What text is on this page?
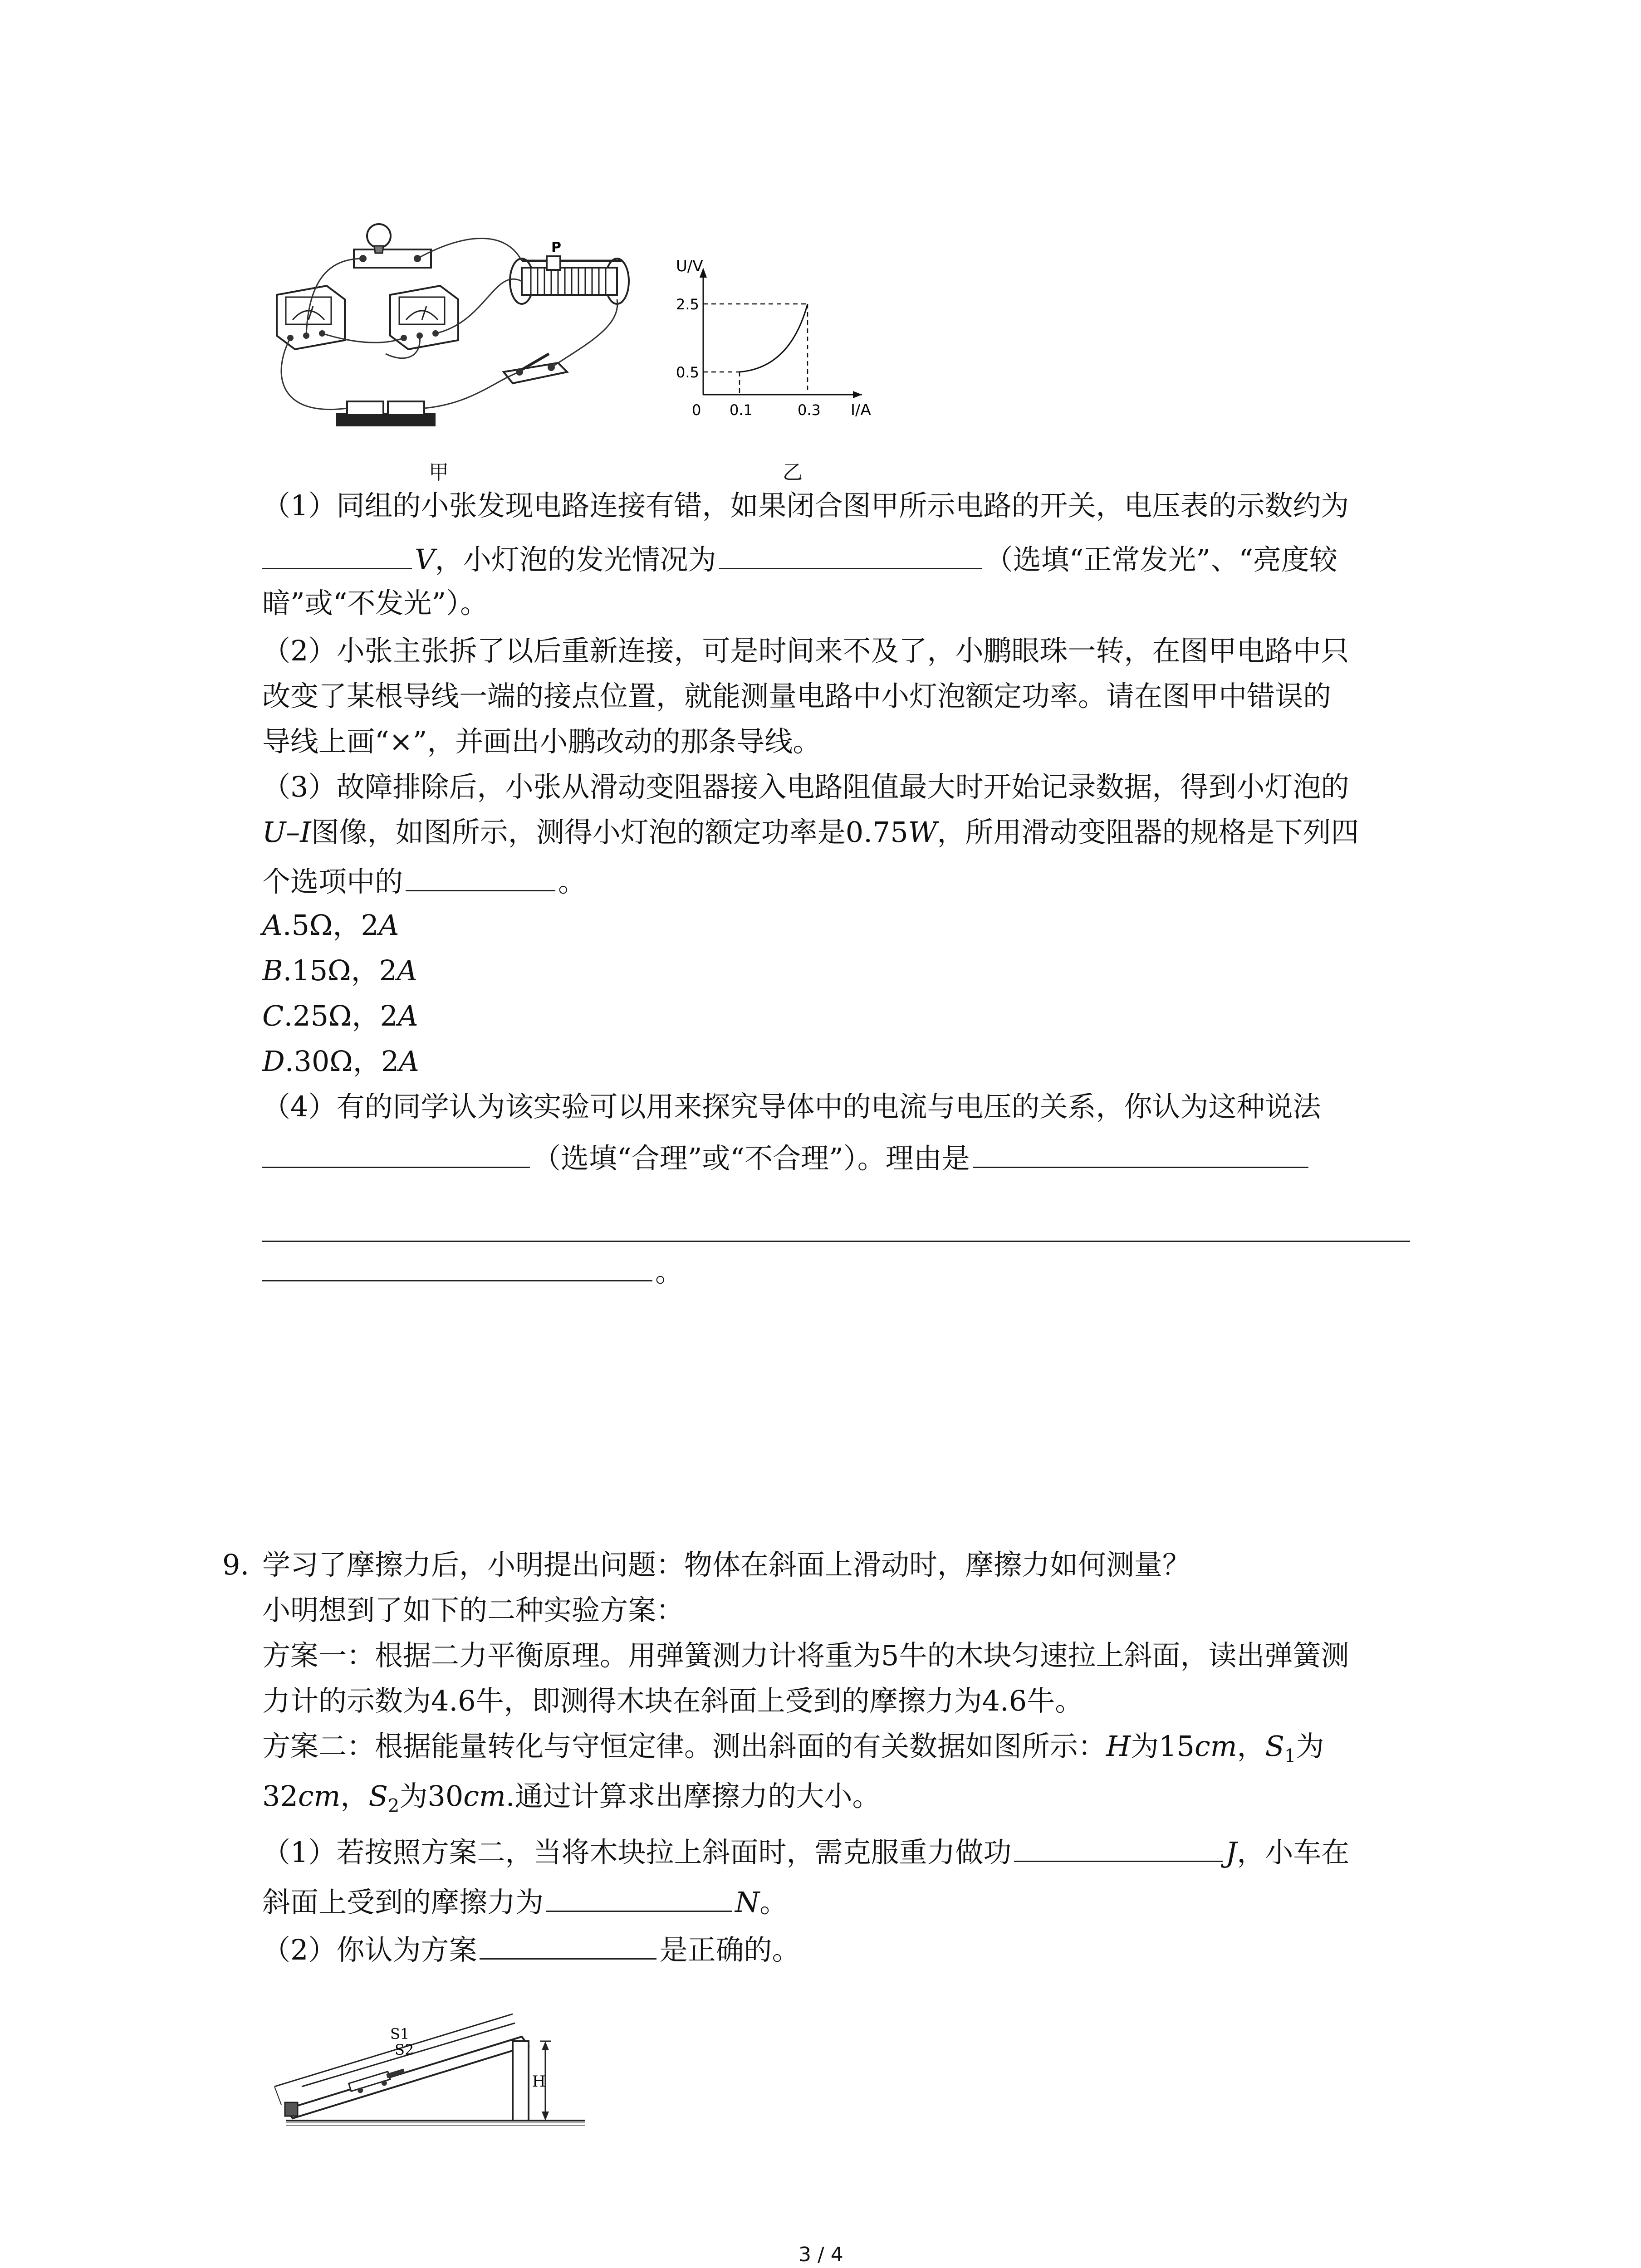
P
U/V
I/A
2.5
0.5
0 0.1	0.3
甲	乙
（1）同组的小张发现电路连接有错，如果闭合图甲所示电路的开关，电压表的示数约为
V，小灯泡的发光情况为	（选填“正常发光”、“亮度较
暗”或“不发光”）。
（2）小张主张拆了以后重新连接，可是时间来不及了，小鹏眼珠一转，在图甲电路中只
改变了某根导线一端的接点位置，就能测量电路中小灯泡额定功率。请在图甲中错误的
导线上画“×”，并画出小鹏改动的那条导线。
（3）故障排除后，小张从滑动变阻器接入电路阻值最大时开始记录数据，得到小灯泡的
U–I图像，如图所示，测得小灯泡的额定功率是0.75W，所用滑动变阻器的规格是下列四
个选项中的	。
A.5Ω，2A
B.15Ω，2A
C.25Ω，2A
D.30Ω，2A
（4）有的同学认为该实验可以用来探究导体中的电流与电压的关系，你认为这种说法
（选填“合理”或“不合理”）。理由是
。
9. 学习了摩擦力后，小明提出问题：物体在斜面上滑动时，摩擦力如何测量？
小明想到了如下的二种实验方案：
方案一：根据二力平衡原理。用弹簧测力计将重为5牛的木块匀速拉上斜面，读出弹簧测
力计的示数为4.6牛，即测得木块在斜面上受到的摩擦力为4.6牛。
方案二：根据能量转化与守恒定律。测出斜面的有关数据如图所示：H为15cm，$S_1$为
32cm，$S_2$为30cm.通过计算求出摩擦力的大小。
（1）若按照方案二，当将木块拉上斜面时，需克服重力做功	J，小车在
斜面上受到的摩擦力为	N。
（2）你认为方案	是正确的。
S1
S2
H
3 / 4
